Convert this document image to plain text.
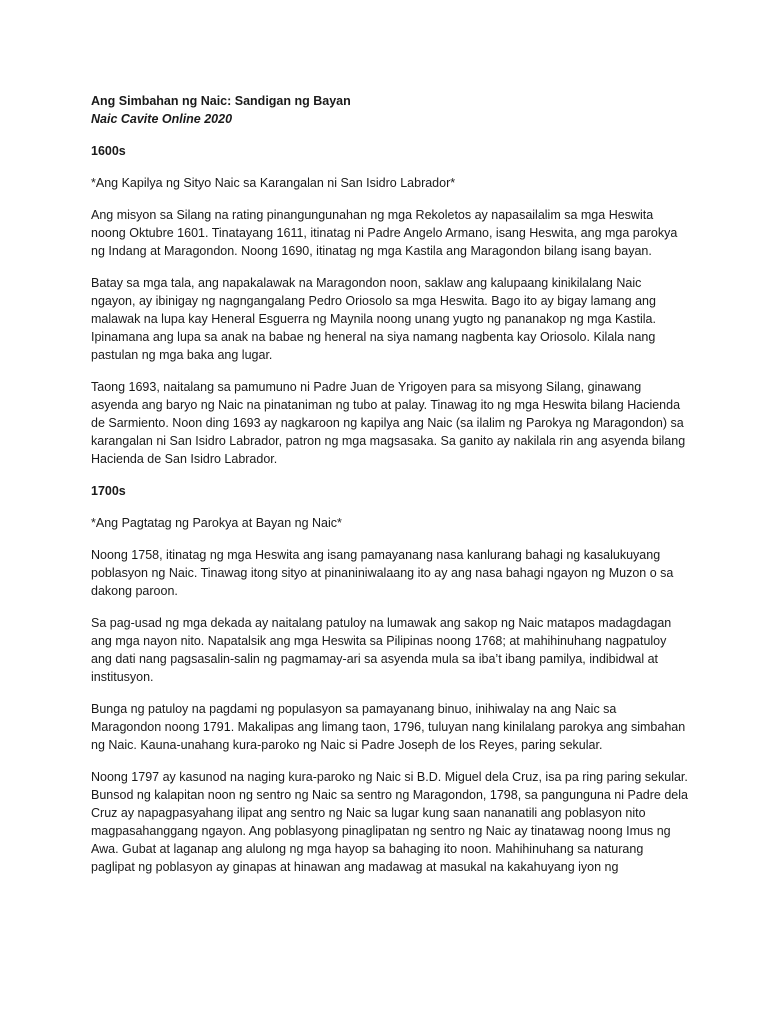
Ang Simbahan ng Naic: Sandigan ng Bayan

Naic Cavite Online 2020

1600s

*Ang Kapilya ng Sityo Naic sa Karangalan ni San Isidro Labrador*

Ang misyon sa Silang na rating pinangungunahan ng mga Rekoletos ay napasailalim sa mga Heswita noong Oktubre 1601. Tinatayang 1611, itinatag ni Padre Angelo Armano, isang Heswita, ang mga parokya ng Indang at Maragondon. Noong 1690, itinatag ng mga Kastila ang Maragondon bilang isang bayan.

Batay sa mga tala, ang napakalawak na Maragondon noon, saklaw ang kalupaang kinikilalang Naic ngayon, ay ibinigay ng nagngangalang Pedro Oriosolo sa mga Heswita. Bago ito ay bigay lamang ang malawak na lupa kay Heneral Esguerra ng Maynila noong unang yugto ng pananakop ng mga Kastila. Ipinamana ang lupa sa anak na babae ng heneral na siya namang nagbenta kay Oriosolo. Kilala nang pastulan ng mga baka ang lugar.

Taong 1693, naitalang sa pamumuno ni Padre Juan de Yrigoyen para sa misyong Silang, ginawang asyenda ang baryo ng Naic na pinataniman ng tubo at palay. Tinawag ito ng mga Heswita bilang Hacienda de Sarmiento. Noon ding 1693 ay nagkaroon ng kapilya ang Naic (sa ilalim ng Parokya ng Maragondon) sa karangalan ni San Isidro Labrador, patron ng mga magsasaka. Sa ganito ay nakilala rin ang asyenda bilang Hacienda de San Isidro Labrador.

1700s

*Ang Pagtatag ng Parokya at Bayan ng Naic*

Noong 1758, itinatag ng mga Heswita ang isang pamayanang nasa kanlurang bahagi ng kasalukuyang poblasyon ng Naic. Tinawag itong sityo at pinaniniwalaang ito ay ang nasa bahagi ngayon ng Muzon o sa dakong paroon.

Sa pag-usad ng mga dekada ay naitalang patuloy na lumawak ang sakop ng Naic matapos madagdagan ang mga nayon nito. Napatalsik ang mga Heswita sa Pilipinas noong 1768; at mahihinuhang nagpatuloy ang dati nang pagsasalin-salin ng pagmamay-ari sa asyenda mula sa iba’t ibang pamilya, indibidwal at institusyon.

Bunga ng patuloy na pagdami ng populasyon sa pamayanang binuo, inihiwalay na ang Naic sa Maragondon noong 1791. Makalipas ang limang taon, 1796, tuluyan nang kinilalang parokya ang simbahan ng Naic. Kauna-unahang kura-paroko ng Naic si Padre Joseph de los Reyes, paring sekular.

Noong 1797 ay kasunod na naging kura-paroko ng Naic si B.D. Miguel dela Cruz, isa pa ring paring sekular. Bunsod ng kalapitan noon ng sentro ng Naic sa sentro ng Maragondon, 1798, sa pangunguna ni Padre dela Cruz ay napagpasyahang ilipat ang sentro ng Naic sa lugar kung saan nananatili ang poblasyon nito magpasahanggang ngayon. Ang poblasyong pinaglipatan ng sentro ng Naic ay tinatawag noong Imus ng Awa. Gubat at laganap ang alulong ng mga hayop sa bahaging ito noon. Mahihinuhang sa naturang paglipat ng poblasyon ay ginapas at hinawan ang madawag at masukal na kakahuyang iyon ng
